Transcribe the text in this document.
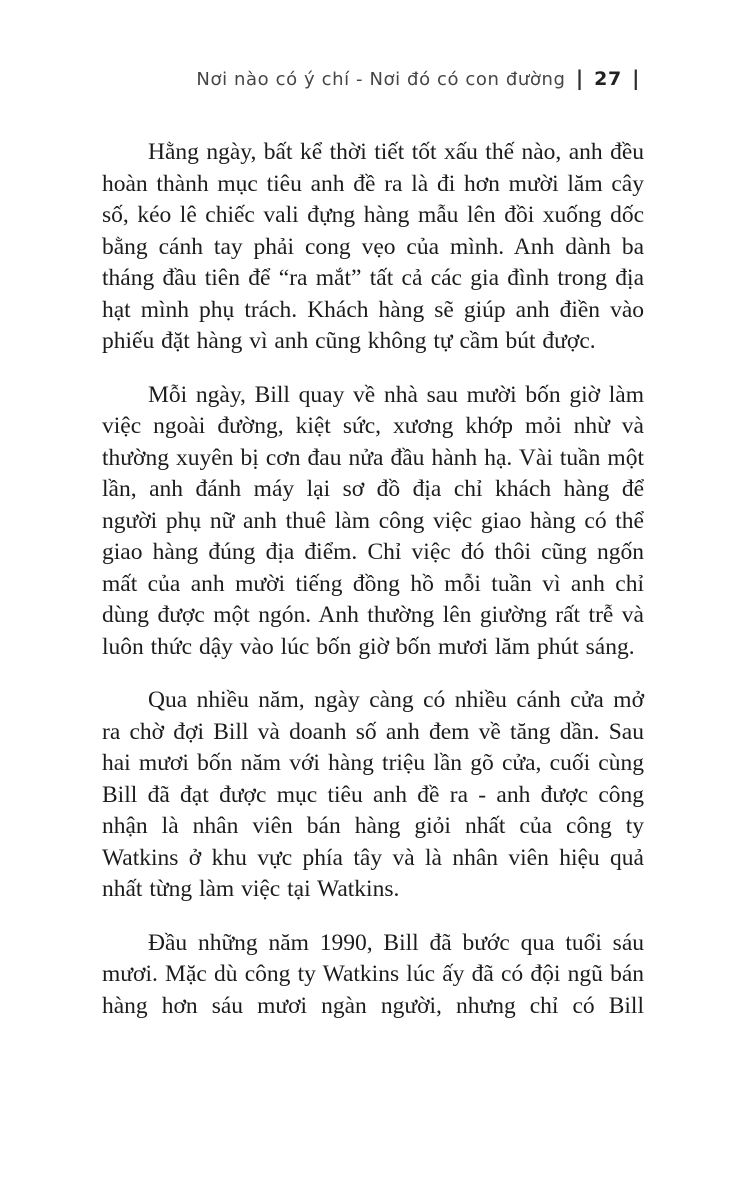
Nơi nào có ý chí - Nơi đó có con đường | 27 |

Hằng ngày, bất kể thời tiết tốt xấu thế nào, anh đều hoàn thành mục tiêu anh đề ra là đi hơn mười lăm cây số, kéo lê chiếc vali đựng hàng mẫu lên đồi xuống dốc bằng cánh tay phải cong vẹo của mình. Anh dành ba tháng đầu tiên để “ra mắt” tất cả các gia đình trong địa hạt mình phụ trách. Khách hàng sẽ giúp anh điền vào phiếu đặt hàng vì anh cũng không tự cầm bút được.

Mỗi ngày, Bill quay về nhà sau mười bốn giờ làm việc ngoài đường, kiệt sức, xương khớp mỏi nhừ và thường xuyên bị cơn đau nửa đầu hành hạ. Vài tuần một lần, anh đánh máy lại sơ đồ địa chỉ khách hàng để người phụ nữ anh thuê làm công việc giao hàng có thể giao hàng đúng địa điểm. Chỉ việc đó thôi cũng ngốn mất của anh mười tiếng đồng hồ mỗi tuần vì anh chỉ dùng được một ngón. Anh thường lên giường rất trễ và luôn thức dậy vào lúc bốn giờ bốn mươi lăm phút sáng.

Qua nhiều năm, ngày càng có nhiều cánh cửa mở ra chờ đợi Bill và doanh số anh đem về tăng dần. Sau hai mươi bốn năm với hàng triệu lần gõ cửa, cuối cùng Bill đã đạt được mục tiêu anh đề ra - anh được công nhận là nhân viên bán hàng giỏi nhất của công ty Watkins ở khu vực phía tây và là nhân viên hiệu quả nhất từng làm việc tại Watkins.

Đầu những năm 1990, Bill đã bước qua tuổi sáu mươi. Mặc dù công ty Watkins lúc ấy đã có đội ngũ bán hàng hơn sáu mươi ngàn người, nhưng chỉ có Bill
